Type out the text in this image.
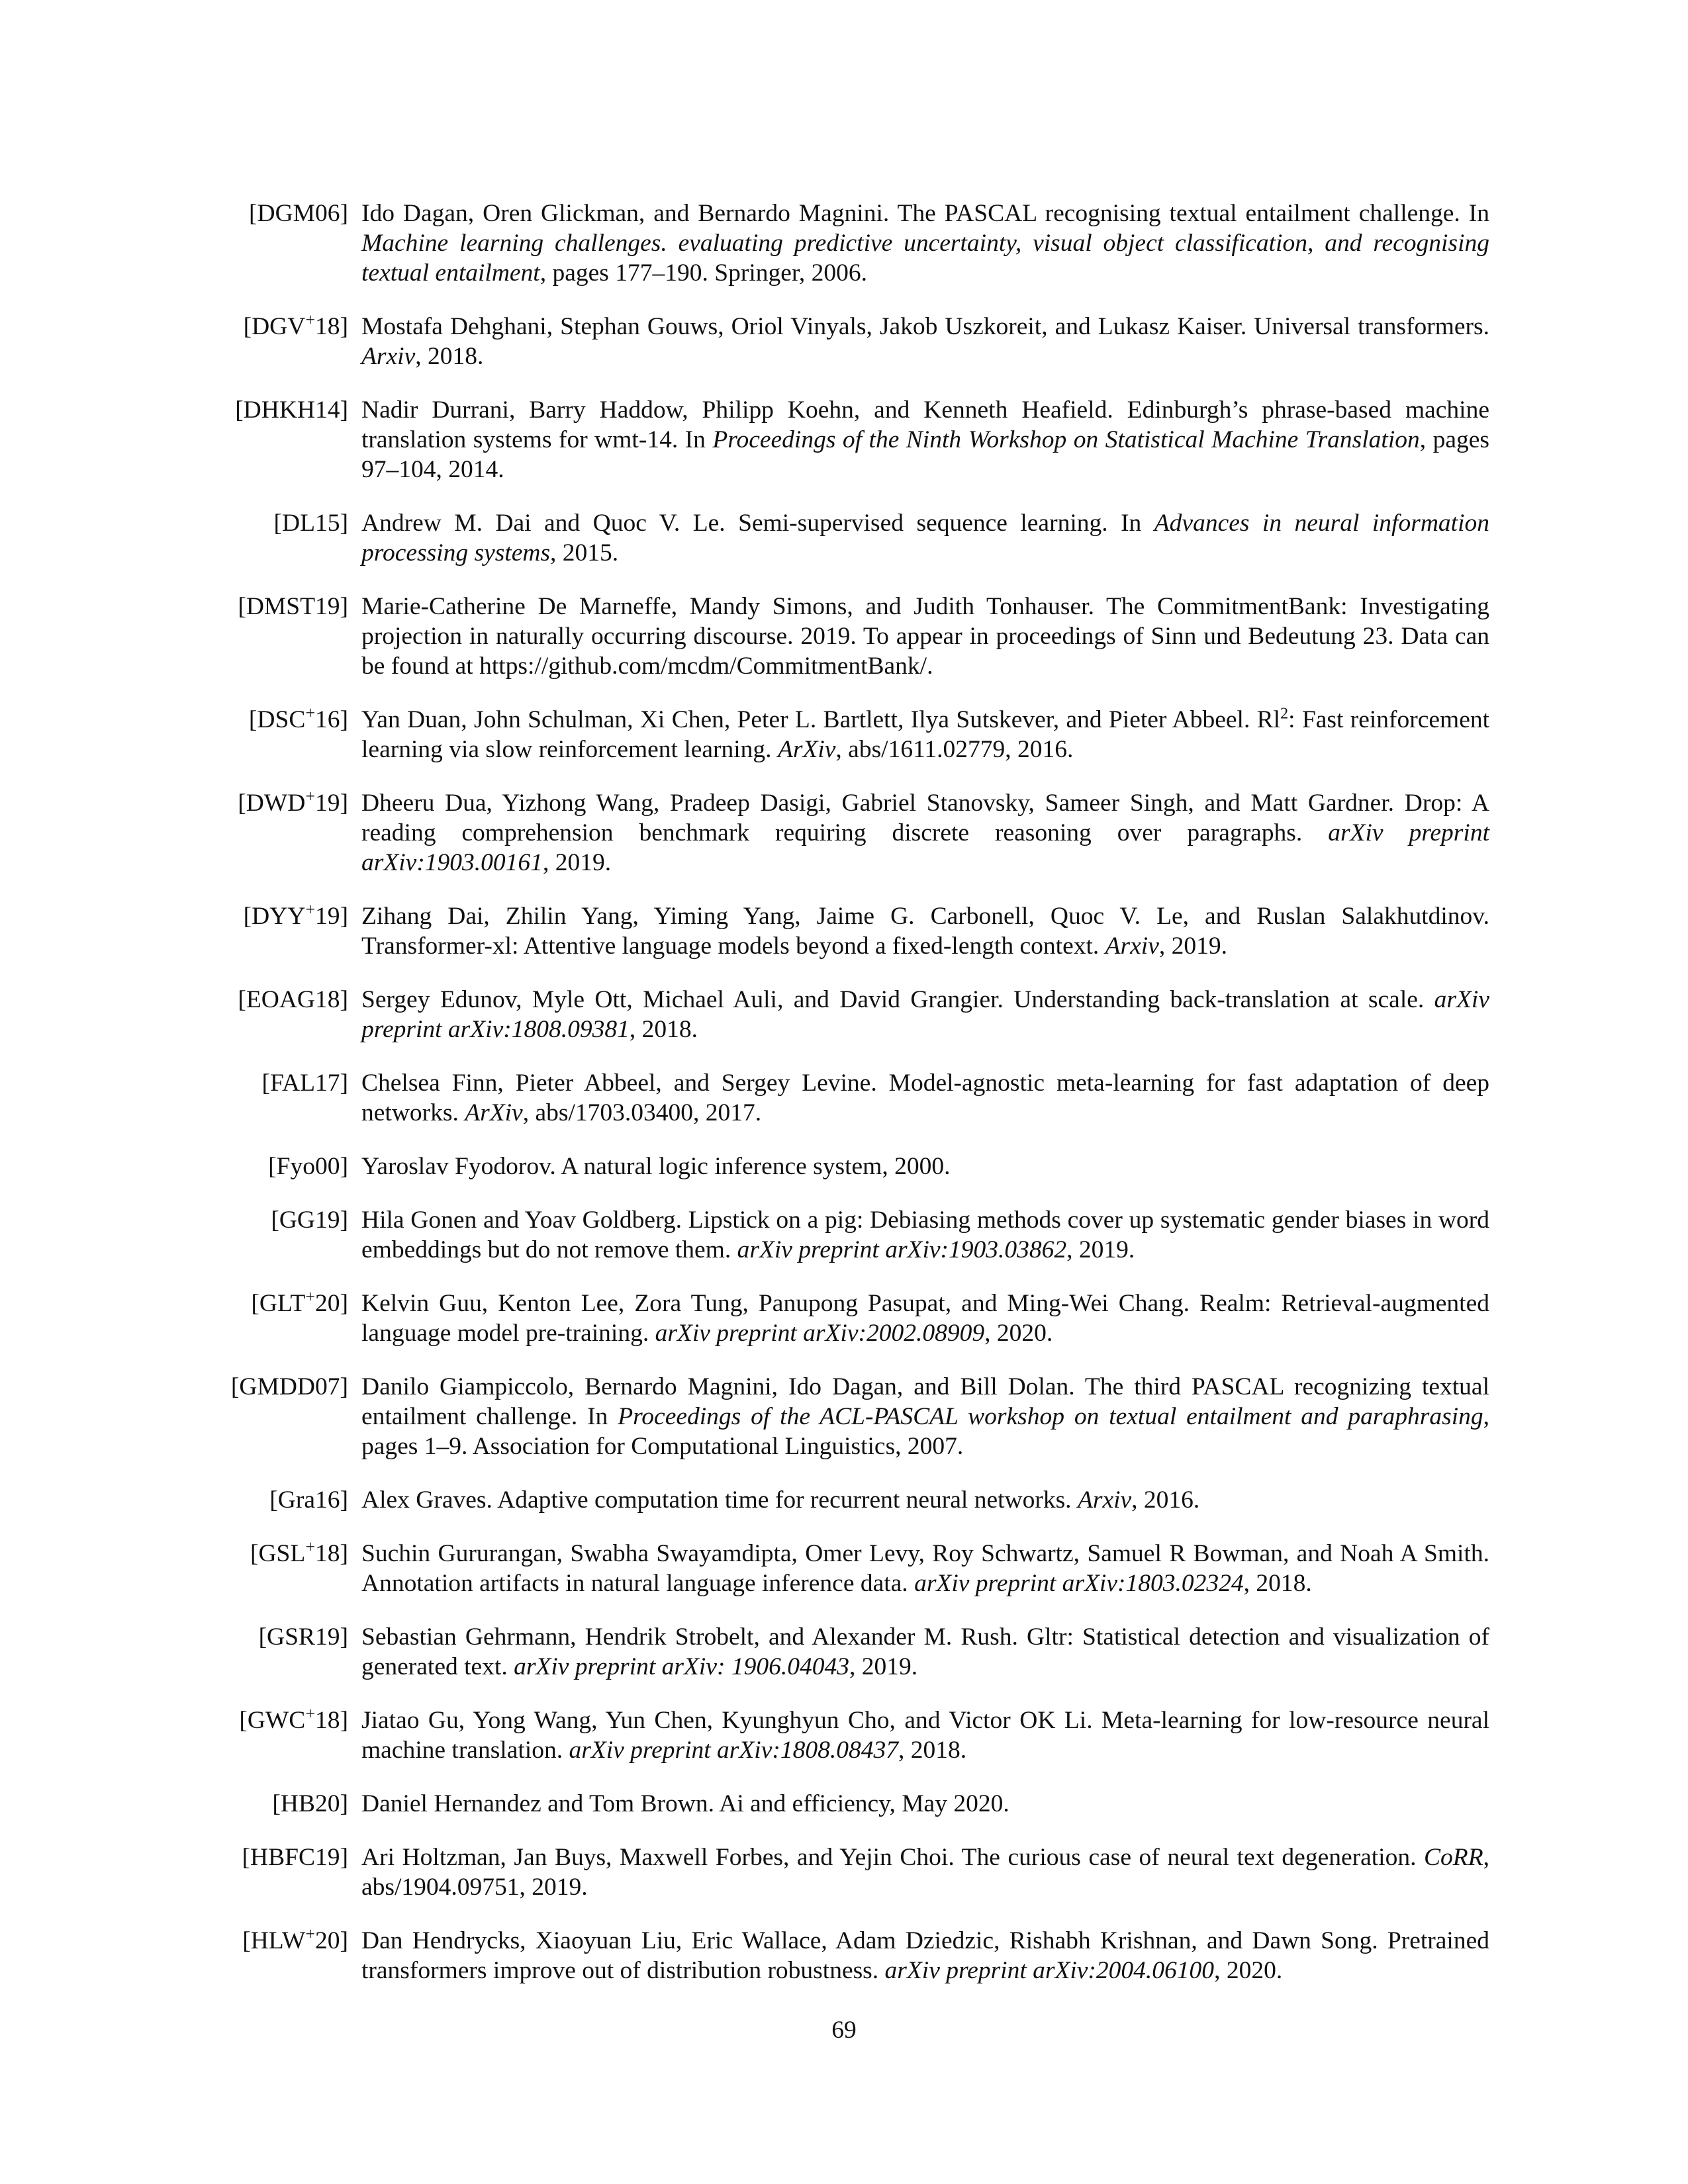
[DGM06] Ido Dagan, Oren Glickman, and Bernardo Magnini. The PASCAL recognising textual entailment challenge. In Machine learning challenges. evaluating predictive uncertainty, visual object classification, and recognising textual entailment, pages 177–190. Springer, 2006.
[DGV+18] Mostafa Dehghani, Stephan Gouws, Oriol Vinyals, Jakob Uszkoreit, and Lukasz Kaiser. Universal transformers. Arxiv, 2018.
[DHKH14] Nadir Durrani, Barry Haddow, Philipp Koehn, and Kenneth Heafield. Edinburgh’s phrase-based machine translation systems for wmt-14. In Proceedings of the Ninth Workshop on Statistical Machine Translation, pages 97–104, 2014.
[DL15] Andrew M. Dai and Quoc V. Le. Semi-supervised sequence learning. In Advances in neural information processing systems, 2015.
[DMST19] Marie-Catherine De Marneffe, Mandy Simons, and Judith Tonhauser. The CommitmentBank: Investigating projection in naturally occurring discourse. 2019. To appear in proceedings of Sinn und Bedeutung 23. Data can be found at https://github.com/mcdm/CommitmentBank/.
[DSC+16] Yan Duan, John Schulman, Xi Chen, Peter L. Bartlett, Ilya Sutskever, and Pieter Abbeel. Rl$^2$: Fast reinforcement learning via slow reinforcement learning. ArXiv, abs/1611.02779, 2016.
[DWD+19] Dheeru Dua, Yizhong Wang, Pradeep Dasigi, Gabriel Stanovsky, Sameer Singh, and Matt Gardner. Drop: A reading comprehension benchmark requiring discrete reasoning over paragraphs. arXiv preprint arXiv:1903.00161, 2019.
[DYY+19] Zihang Dai, Zhilin Yang, Yiming Yang, Jaime G. Carbonell, Quoc V. Le, and Ruslan Salakhutdinov. Transformer-xl: Attentive language models beyond a fixed-length context. Arxiv, 2019.
[EOAG18] Sergey Edunov, Myle Ott, Michael Auli, and David Grangier. Understanding back-translation at scale. arXiv preprint arXiv:1808.09381, 2018.
[FAL17] Chelsea Finn, Pieter Abbeel, and Sergey Levine. Model-agnostic meta-learning for fast adaptation of deep networks. ArXiv, abs/1703.03400, 2017.
[Fyo00] Yaroslav Fyodorov. A natural logic inference system, 2000.
[GG19] Hila Gonen and Yoav Goldberg. Lipstick on a pig: Debiasing methods cover up systematic gender biases in word embeddings but do not remove them. arXiv preprint arXiv:1903.03862, 2019.
[GLT+20] Kelvin Guu, Kenton Lee, Zora Tung, Panupong Pasupat, and Ming-Wei Chang. Realm: Retrieval-augmented language model pre-training. arXiv preprint arXiv:2002.08909, 2020.
[GMDD07] Danilo Giampiccolo, Bernardo Magnini, Ido Dagan, and Bill Dolan. The third PASCAL recognizing textual entailment challenge. In Proceedings of the ACL-PASCAL workshop on textual entailment and paraphrasing, pages 1–9. Association for Computational Linguistics, 2007.
[Gra16] Alex Graves. Adaptive computation time for recurrent neural networks. Arxiv, 2016.
[GSL+18] Suchin Gururangan, Swabha Swayamdipta, Omer Levy, Roy Schwartz, Samuel R Bowman, and Noah A Smith. Annotation artifacts in natural language inference data. arXiv preprint arXiv:1803.02324, 2018.
[GSR19] Sebastian Gehrmann, Hendrik Strobelt, and Alexander M. Rush. Gltr: Statistical detection and visualization of generated text. arXiv preprint arXiv: 1906.04043, 2019.
[GWC+18] Jiatao Gu, Yong Wang, Yun Chen, Kyunghyun Cho, and Victor OK Li. Meta-learning for low-resource neural machine translation. arXiv preprint arXiv:1808.08437, 2018.
[HB20] Daniel Hernandez and Tom Brown. Ai and efficiency, May 2020.
[HBFC19] Ari Holtzman, Jan Buys, Maxwell Forbes, and Yejin Choi. The curious case of neural text degeneration. CoRR, abs/1904.09751, 2019.
[HLW+20] Dan Hendrycks, Xiaoyuan Liu, Eric Wallace, Adam Dziedzic, Rishabh Krishnan, and Dawn Song. Pretrained transformers improve out of distribution robustness. arXiv preprint arXiv:2004.06100, 2020.
69
